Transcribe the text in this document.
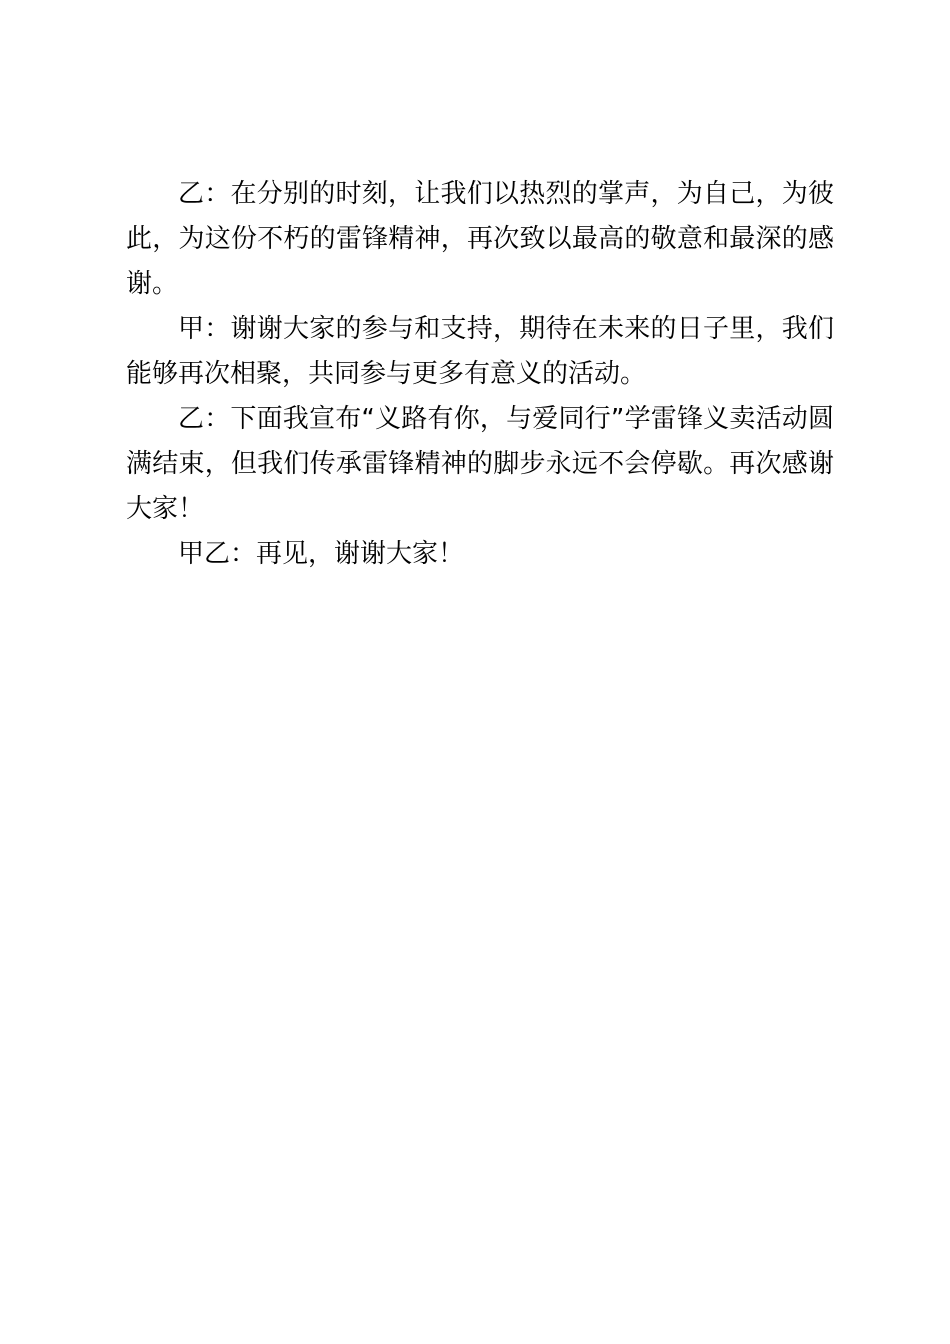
乙：在分别的时刻，让我们以热烈的掌声，为自己，为彼此，为这份不朽的雷锋精神，再次致以最高的敬意和最深的感谢。

甲：谢谢大家的参与和支持，期待在未来的日子里，我们能够再次相聚，共同参与更多有意义的活动。

乙：下面我宣布“义路有你，与爱同行”学雷锋义卖活动圆满结束，但我们传承雷锋精神的脚步永远不会停歇。再次感谢大家！

甲乙：再见，谢谢大家！
